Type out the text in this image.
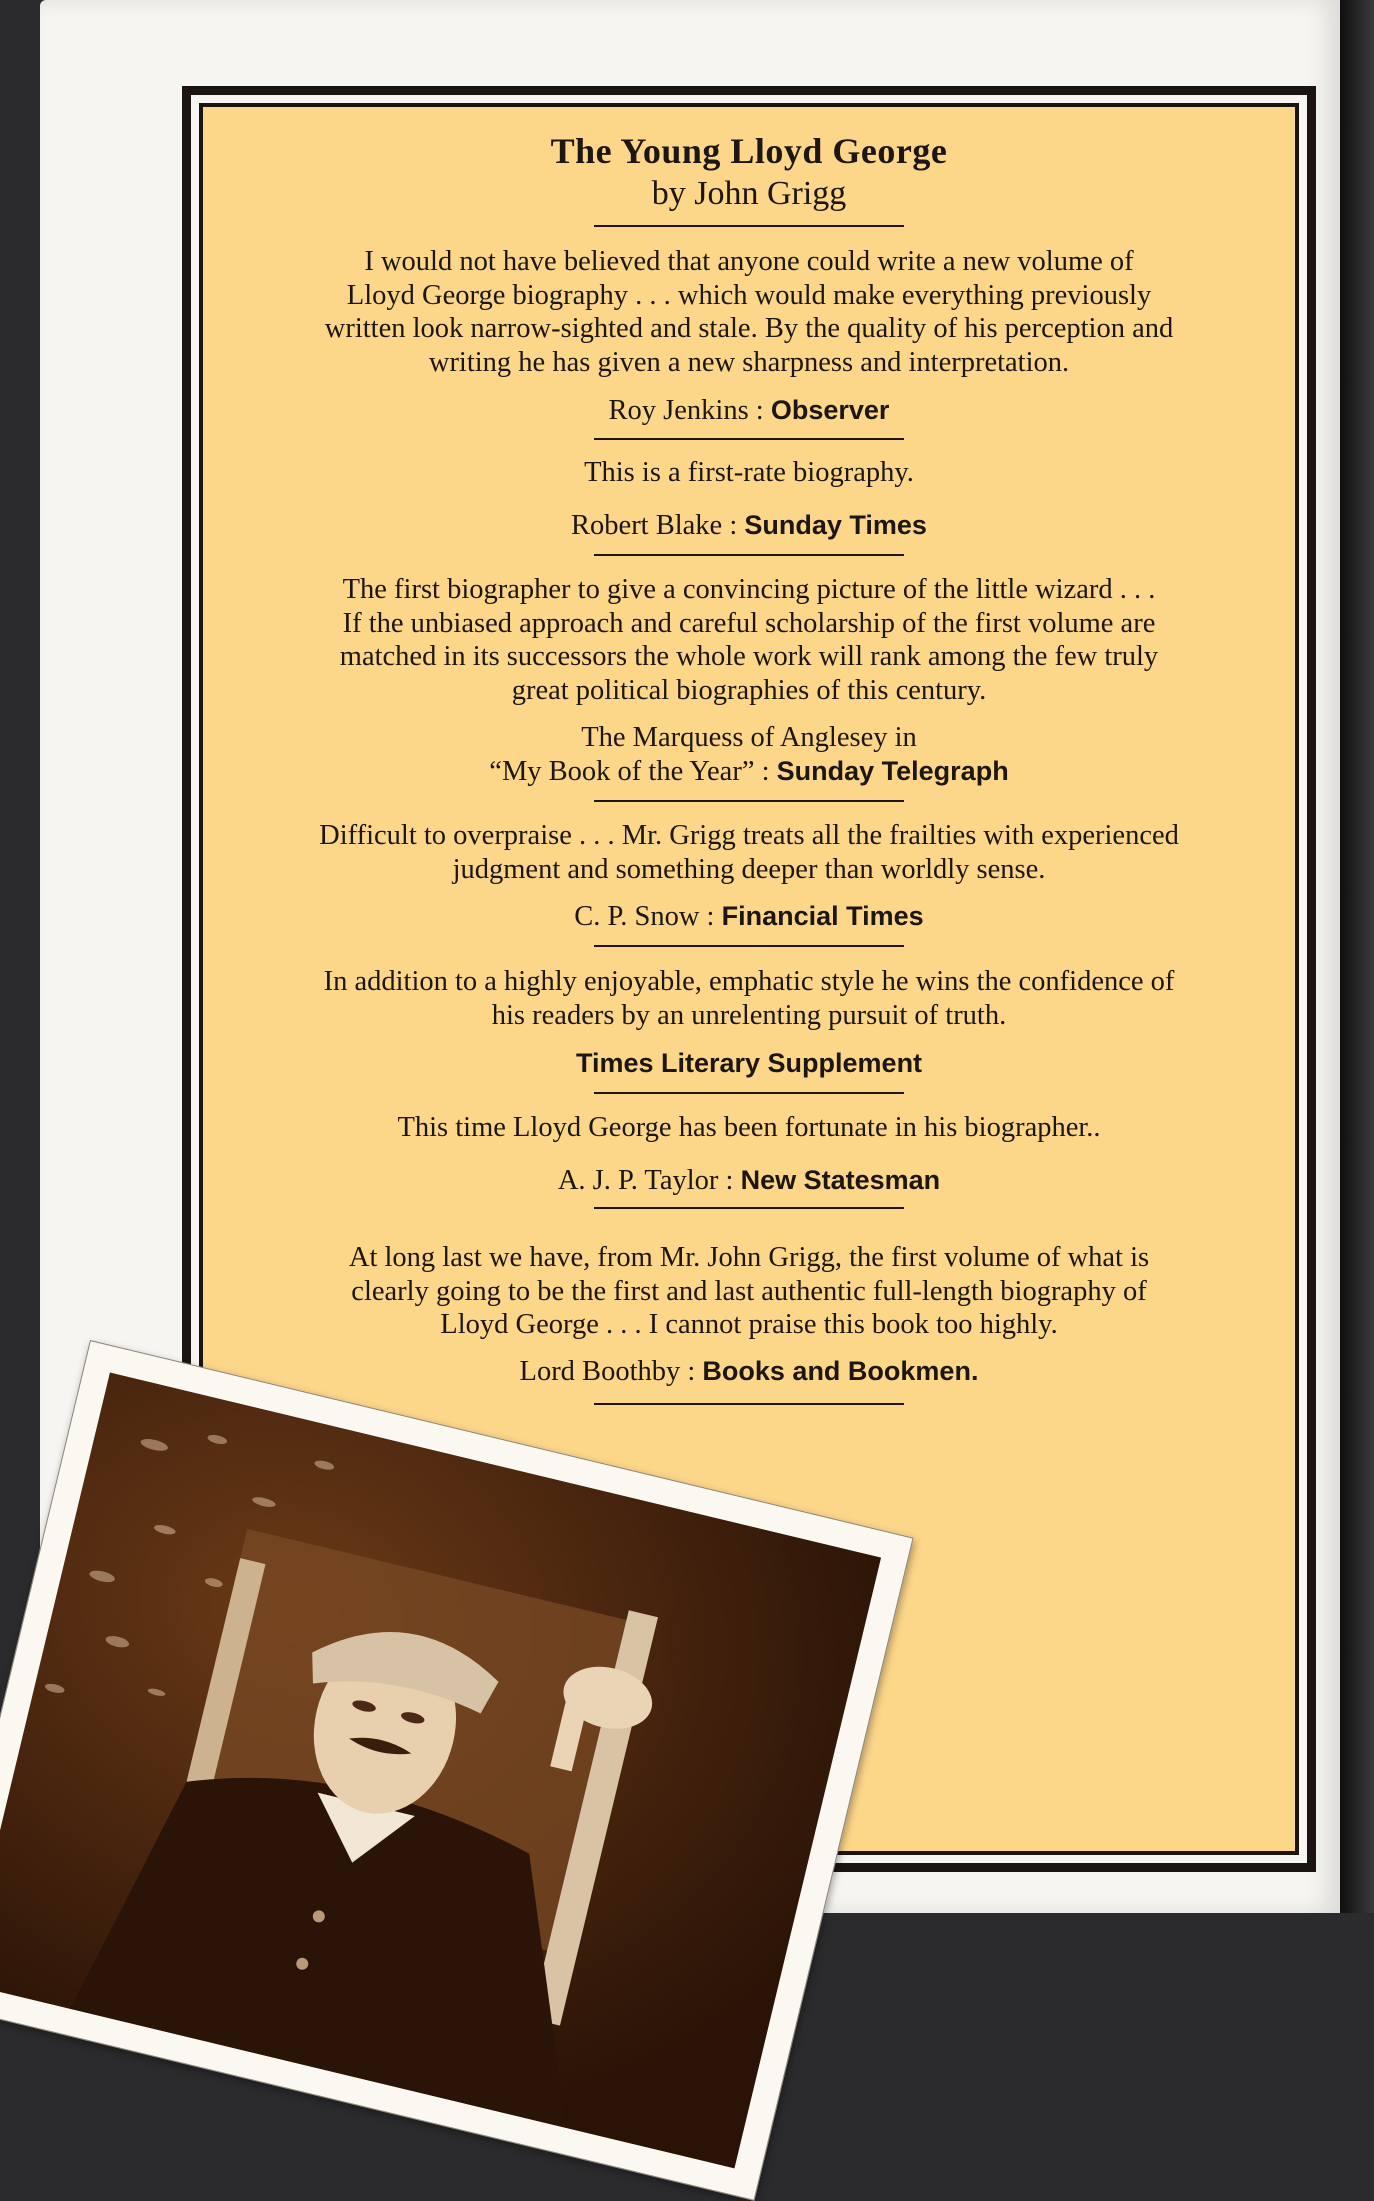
The Young Lloyd George
by John Grigg
I would not have believed that anyone could write a new volume of
Lloyd George biography . . . which would make everything previously
written look narrow-sighted and stale. By the quality of his perception and
writing he has given a new sharpness and interpretation.
Roy Jenkins : Observer
This is a first-rate biography.
Robert Blake : Sunday Times
The first biographer to give a convincing picture of the little wizard . . .
If the unbiased approach and careful scholarship of the first volume are
matched in its successors the whole work will rank among the few truly
great political biographies of this century.
The Marquess of Anglesey in
“My Book of the Year” : Sunday Telegraph
Difficult to overpraise . . . Mr. Grigg treats all the frailties with experienced
judgment and something deeper than worldly sense.
C. P. Snow : Financial Times
In addition to a highly enjoyable, emphatic style he wins the confidence of
his readers by an unrelenting pursuit of truth.
Times Literary Supplement
This time Lloyd George has been fortunate in his biographer..
A. J. P. Taylor : New Statesman
At long last we have, from Mr. John Grigg, the first volume of what is
clearly going to be the first and last authentic full-length biography of
Lloyd George . . . I cannot praise this book too highly.
Lord Boothby : Books and Bookmen.
